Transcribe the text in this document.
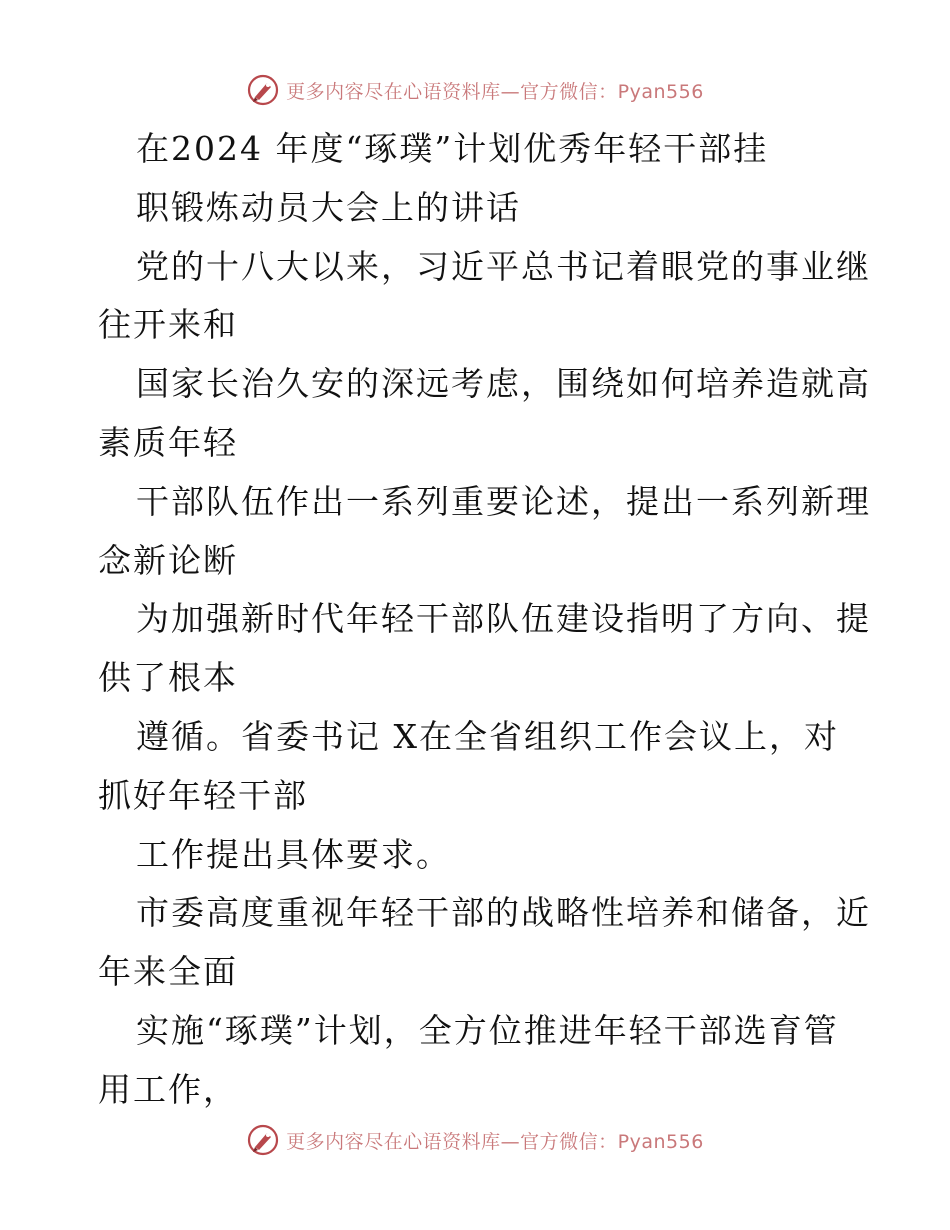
更多内容尽在心语资料库—官方微信：Pyan556
在2024 年度“琢璞”计划优秀年轻干部挂
职锻炼动员大会上的讲话
党的十八大以来，习近平总书记着眼党的事业继
往开来和
国家长治久安的深远考虑，围绕如何培养造就高
素质年轻
干部队伍作出一系列重要论述，提出一系列新理
念新论断
为加强新时代年轻干部队伍建设指明了方向、提
供了根本
遵循。省委书记 X在全省组织工作会议上，对
抓好年轻干部
工作提出具体要求。
市委高度重视年轻干部的战略性培养和储备，近
年来全面
实施“琢璞”计划，全方位推进年轻干部选育管
用工作，
更多内容尽在心语资料库—官方微信：Pyan556
